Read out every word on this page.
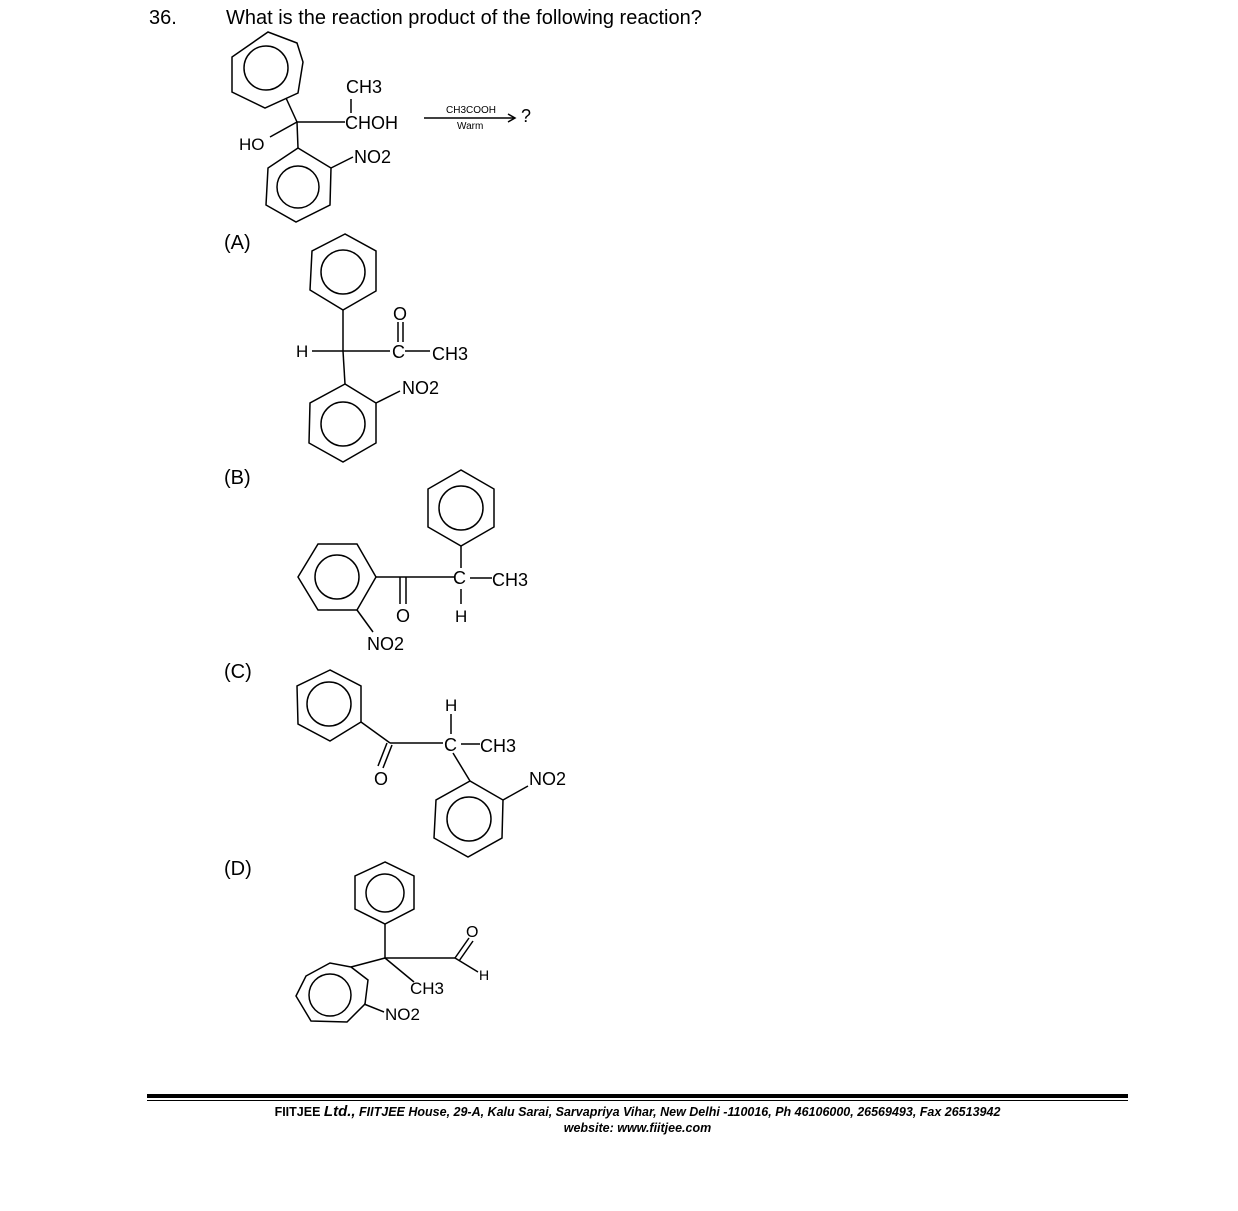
36. What is the reaction product of the following reaction?
(A)
(B)
(C)
(D)
CH3
CHOH
HO
NO2
CH3COOH
Warm
?
H
O
C CH3
NO2
C CH3
H
O
NO2
H
C CH3
O	NO2
O
H
CH3
NO2
FIITJEE Ltd., FIITJEE House, 29-A, Kalu Sarai, Sarvapriya Vihar, New Delhi -110016, Ph 46106000, 26569493, Fax 26513942
website: www.fiitjee.com
